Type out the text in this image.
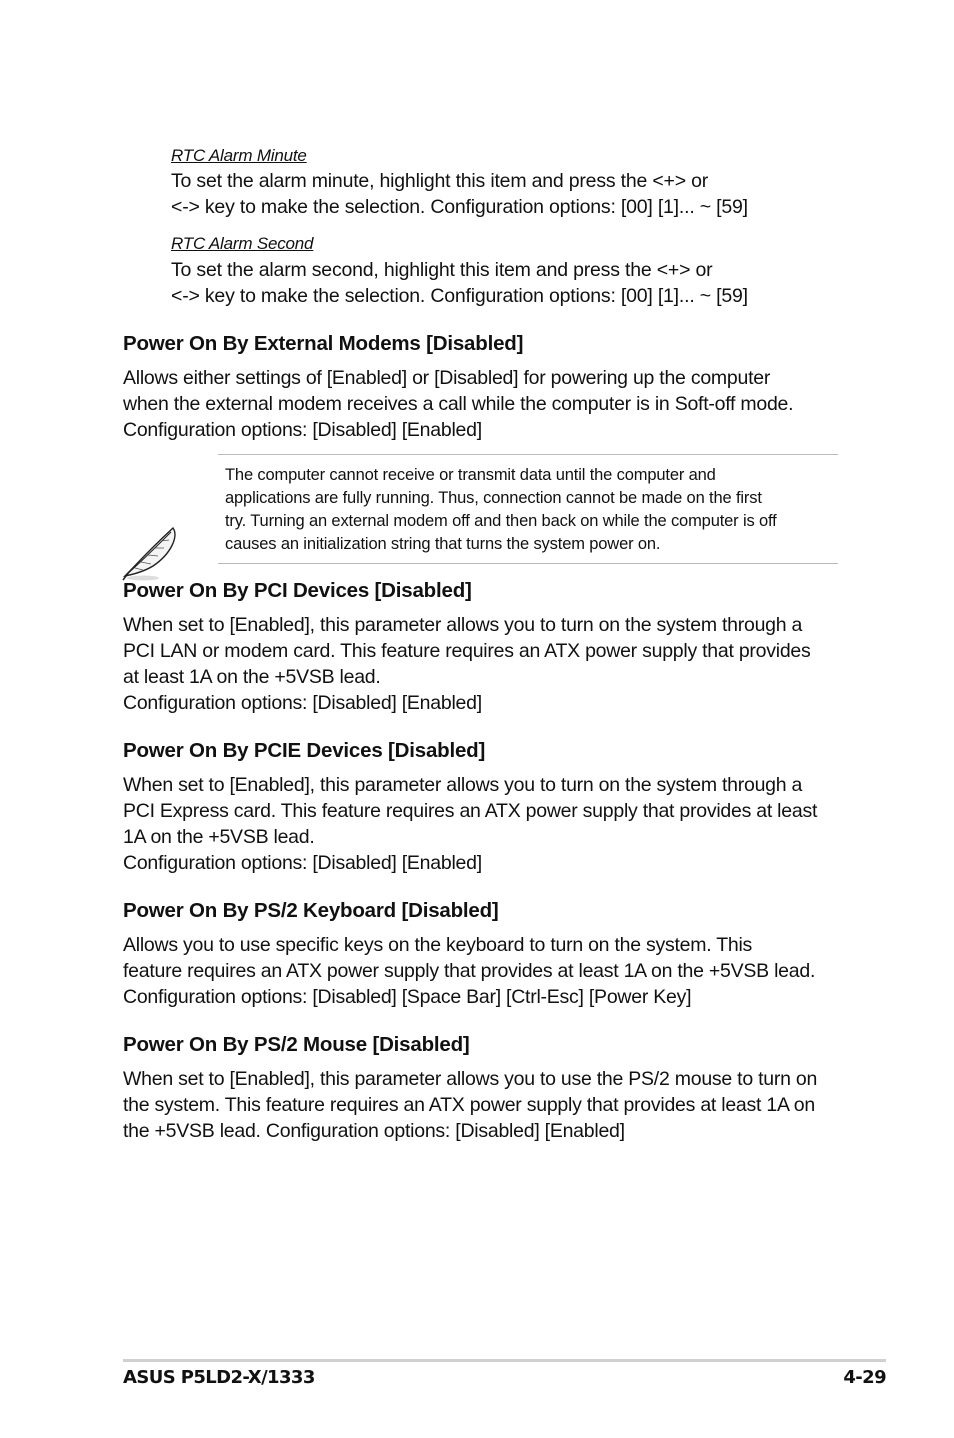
RTC Alarm Minute
To set the alarm minute, highlight this item and press the <+> or
<-> key to make the selection. Configuration options: [00] [1]... ~ [59]
RTC Alarm Second
To set the alarm second, highlight this item and press the <+> or
<-> key to make the selection. Configuration options: [00] [1]... ~ [59]
Power On By External Modems [Disabled]
Allows either settings of [Enabled] or [Disabled] for powering up the computer
when the external modem receives a call while the computer is in Soft-off mode.
Configuration options: [Disabled] [Enabled]
The computer cannot receive or transmit data until the computer and
applications are fully running. Thus, connection cannot be made on the first
try. Turning an external modem off and then back on while the computer is off
causes an initialization string that turns the system power on.
Power On By PCI Devices [Disabled]
When set to [Enabled], this parameter allows you to turn on the system through a
PCI LAN or modem card. This feature requires an ATX power supply that provides
at least 1A on the +5VSB lead.
Configuration options: [Disabled] [Enabled]
Power On By PCIE Devices [Disabled]
When set to [Enabled], this parameter allows you to turn on the system through a
PCI Express card. This feature requires an ATX power supply that provides at least
1A on the +5VSB lead.
Configuration options: [Disabled] [Enabled]
Power On By PS/2 Keyboard [Disabled]
Allows you to use specific keys on the keyboard to turn on the system. This
feature requires an ATX power supply that provides at least 1A on the +5VSB lead.
Configuration options: [Disabled] [Space Bar] [Ctrl-Esc] [Power Key]
Power On By PS/2 Mouse [Disabled]
When set to [Enabled], this parameter allows you to use the PS/2 mouse to turn on
the system. This feature requires an ATX power supply that provides at least 1A on
the +5VSB lead. Configuration options: [Disabled] [Enabled]
ASUS P5LD2-X/1333	4-29
